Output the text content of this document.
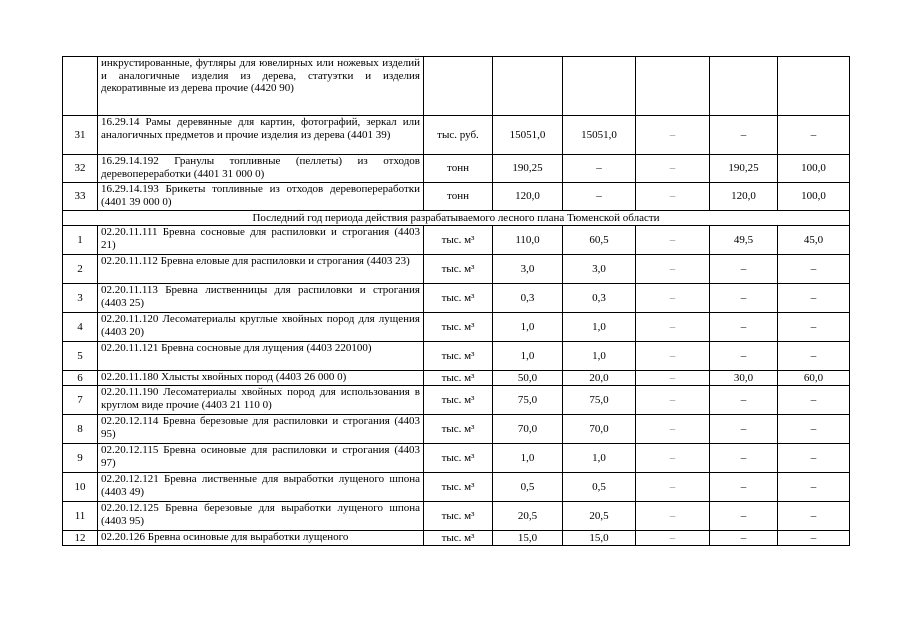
	инкрустированные, футляры для ювелирных или ножевых изделий и аналогичные изделия из дерева, статуэтки и изделия декоративные из дерева прочие (4420 90)						
31	16.29.14 Рамы деревянные для картин, фотографий, зеркал или аналогичных предметов и прочие изделия из дерева (4401 39)	тыс. руб.	15051,0	15051,0	–	–	–
32	16.29.14.192 Гранулы топливные (пеллеты) из отходов деревопереработки (4401 31 000 0)	тонн	190,25	–	–	190,25	100,0
33	16.29.14.193 Брикеты топливные из отходов деревопереработки (4401 39 000 0)	тонн	120,0	–	–	120,0	100,0
Последний год периода действия разрабатываемого лесного плана Тюменской области							
1	02.20.11.111 Бревна сосновые для распиловки и строгания (4403 21)	тыс. м³	110,0	60,5	–	49,5	45,0
2	02.20.11.112 Бревна еловые для распиловки и строгания (4403 23)	тыс. м³	3,0	3,0	–	–	–
3	02.20.11.113 Бревна лиственницы для распиловки и строгания (4403 25)	тыс. м³	0,3	0,3	–	–	–
4	02.20.11.120 Лесоматериалы круглые хвойных пород для лущения (4403 20)	тыс. м³	1,0	1,0	–	–	–
5	02.20.11.121 Бревна сосновые для лущения (4403 220100)	тыс. м³	1,0	1,0	–	–	–
6	02.20.11.180 Хлысты хвойных пород (4403 26 000 0)	тыс. м³	50,0	20,0	–	30,0	60,0
7	02.20.11.190 Лесоматериалы хвойных пород для использования в круглом виде прочие (4403 21 110 0)	тыс. м³	75,0	75,0	–	–	–
8	02.20.12.114 Бревна березовые для распиловки и строгания (4403 95)	тыс. м³	70,0	70,0	–	–	–
9	02.20.12.115 Бревна осиновые для распиловки и строгания (4403 97)	тыс. м³	1,0	1,0	–	–	–
10	02.20.12.121 Бревна лиственные для выработки лущеного шпона (4403 49)	тыс. м³	0,5	0,5	–	–	–
11	02.20.12.125 Бревна березовые для выработки лущеного шпона (4403 95)	тыс. м³	20,5	20,5	–	–	–
12	02.20.126 Бревна осиновые для выработки лущеного	тыс. м³	15,0	15,0	–	–	–
